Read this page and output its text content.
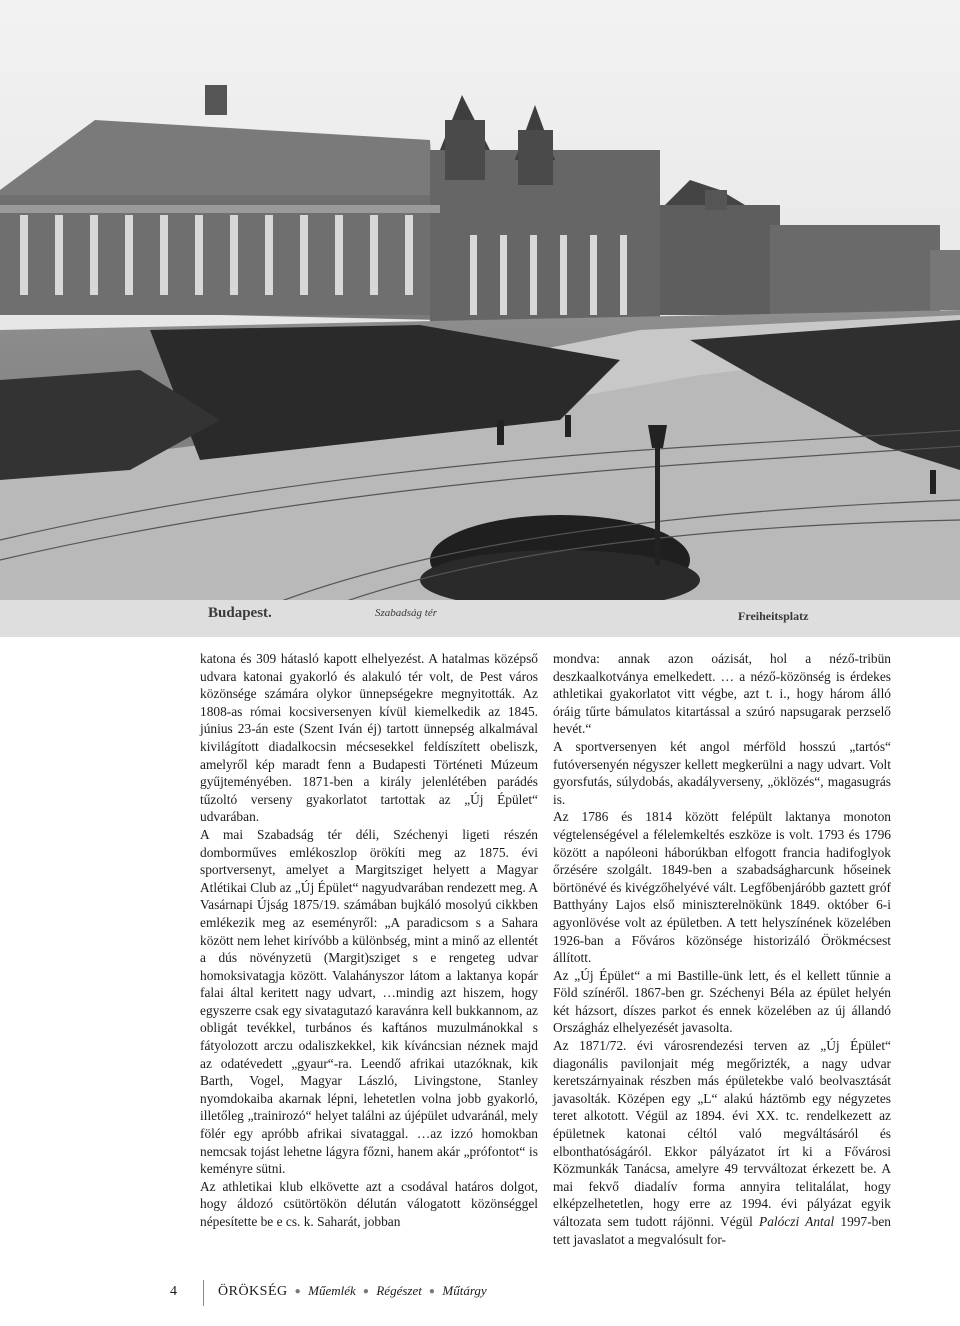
Budapest.	Szabadság tér	Freiheitsplatz

katona és 309 hátasló kapott elhelyezést. A hatalmas középső udvara katonai gyakorló és alakuló tér volt, de Pest város közönsége számára olykor ünnepségekre megnyitották. Az 1808-as római kocsiversenyen kívül kiemelkedik az 1845. június 23-án este (Szent Iván éj) tartott ünnepség alkalmával kivilágított diadalkocsin mécsesekkel feldíszített obeliszk, amelyről kép maradt fenn a Budapesti Történeti Múzeum gyűjteményében. 1871-ben a király jelenlétében parádés tűzoltó verseny gyakorlatot tartottak az „Új Épület“ udvarában.

A mai Szabadság tér déli, Széchenyi ligeti részén domborműves emlékoszlop örökíti meg az 1875. évi sportversenyt, amelyet a Margitsziget helyett a Magyar Atlétikai Club az „Új Épület“ nagyudvarában rendezett meg. A Vasárnapi Újság 1875/19. számában bujkáló mosolyú cikkben emlékezik meg az eseményről: „A paradicsom s a Sahara között nem lehet kirívóbb a különbség, mint a minő az ellentét a dús növényzetü (Margit)sziget s e rengeteg udvar homoksivatagja között. Valahányszor látom a laktanya kopár falai által keritett nagy udvart, …mindig azt hiszem, hogy egyszerre csak egy sivatagutazó karavánra kell bukkannom, az obligát tevékkel, turbános és kaftános muzulmánokkal s fátyolozott arczu odaliszkekkel, kik kíváncsian néznek majd az odatévedett „gyaur“-ra. Leendő afrikai utazóknak, kik Barth, Vogel, Magyar László, Livingstone, Stanley nyomdokaiba akarnak lépni, lehetetlen volna jobb gyakorló, illetőleg „trainirozó“ helyet találni az újépület udvaránál, mely fölér egy apróbb afrikai sivataggal. …az izzó homokban nemcsak tojást lehetne lágyra főzni, hanem akár „prófontot“ is keményre sütni.

Az athletikai klub elkövette azt a csodával határos dolgot, hogy áldozó csütörtökön délután válogatott közönséggel népesítette be e cs. k. Saharát, jobban

mondva: annak azon oázisát, hol a néző-tribün deszkaalkotványa emelkedett. … a néző-közönség is érdekes athletikai gyakorlatot vitt végbe, azt t. i., hogy három álló óráig tűrte bámulatos kitartással a szúró napsugarak perzselő hevét.“

A sportversenyen két angol mérföld hosszú „tartós“ futóversenyén négyszer kellett megkerülni a nagy udvart. Volt gyorsfutás, súlydobás, akadályverseny, „öklözés“, magasugrás is.

Az 1786 és 1814 között felépült laktanya monoton végtelenségével a félelemkeltés eszköze is volt. 1793 és 1796 között a napóleoni háborúkban elfogott francia hadifoglyok őrzésére szolgált. 1849-ben a szabadságharcunk hőseinek börtönévé és kivégzőhelyévé vált. Legfőbenjáróbb gaztett gróf Batthyány Lajos első miniszterelnökünk 1849. október 6-i agyonlövése volt az épületben. A tett helyszínének közelében 1926-ban a Főváros közönsége historizáló Örökmécsest állított.

Az „Új Épület“ a mi Bastille-ünk lett, és el kellett tűnnie a Föld színéről. 1867-ben gr. Széchenyi Béla az épület helyén két házsort, díszes parkot és ennek közelében az új állandó Országház elhelyezését javasolta.

Az 1871/72. évi városrendezési terven az „Új Épület“ diagonális pavilonjait még megőrizték, a nagy udvar keretszárnyainak részben más épületekbe való beolvasztását javasolták. Középen egy „L“ alakú háztömb egy négyzetes teret alkotott. Végül az 1894. évi XX. tc. rendelkezett az épületnek katonai céltól való megváltásáról és elbonthatóságáról. Ekkor pályázatot írt ki a Fővárosi Közmunkák Tanácsa, amelyre 49 tervváltozat érkezett be. A mai fekvő diadalív forma annyira telitalálat, hogy elképzelhetetlen, hogy erre az 1994. évi pályázat egyik változata sem tudott rájönni. Végül Palóczi Antal 1997-ben tett javaslatot a megvalósult for-

4	ÖRÖKSÉG ● Műemlék ● Régészet ● Műtárgy
